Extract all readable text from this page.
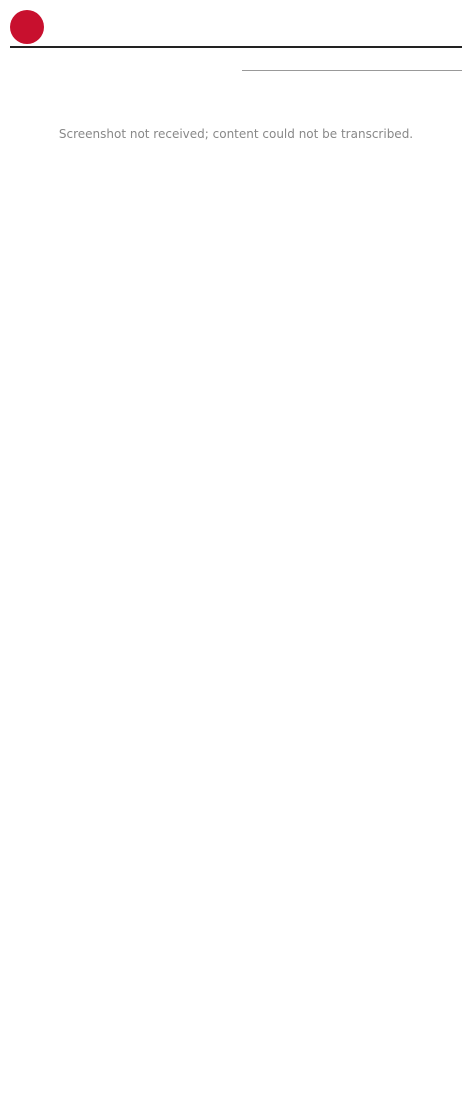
Screenshot not received; content could not be transcribed.
